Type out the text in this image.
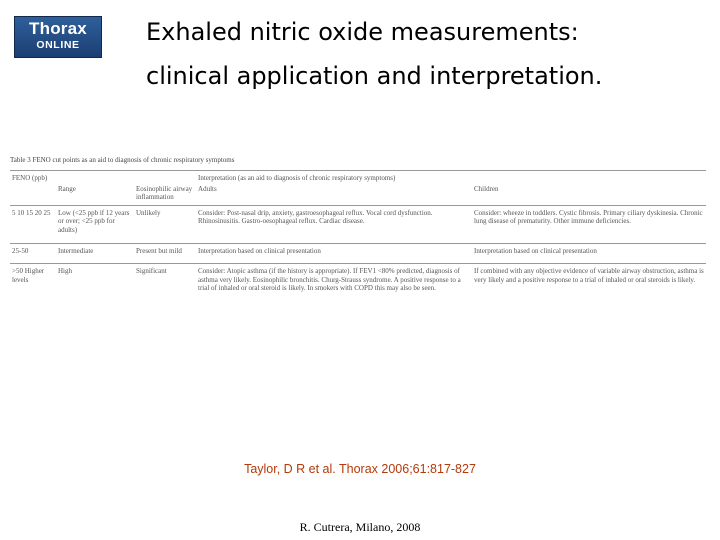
Thorax
ONLINE	Exhaled nitric oxide measurements:
clinical application and interpretation.
Table 3 FENO cut points as an aid to diagnosis of chronic respiratory symptoms
FENO (ppb)			Interpretation (as an aid to diagnosis of chronic respiratory symptoms)	
	Range	Eosinophilic airway inflammation	Adults	Children
5 10 15 20 25	Low (<25 ppb if 12 years or over; <25 ppb for adults)	Unlikely	Consider: Post-nasal drip, anxiety, gastroesophageal reflux. Vocal cord dysfunction. Rhinosinusitis. Gastro-oesophageal reflux. Cardiac disease.	Consider: wheeze in toddlers. Cystic fibrosis. Primary ciliary dyskinesia. Chronic lung disease of prematurity. Other immune deficiencies.
25-50	Intermediate	Present but mild	Interpretation based on clinical presentation	Interpretation based on clinical presentation
>50 Higher levels	High	Significant	Consider: Atopic asthma (if the history is appropriate). If FEV1 <80% predicted, diagnosis of asthma very likely. Eosinophilic bronchitis. Churg-Strauss syndrome. A positive response to a trial of inhaled or oral steroid is likely. In smokers with COPD this may also be seen.	If combined with any objective evidence of variable airway obstruction, asthma is very likely and a positive response to a trial of inhaled or oral steroids is likely.
Taylor, D R et al. Thorax 2006;61:817-827
R. Cutrera, Milano, 2008
